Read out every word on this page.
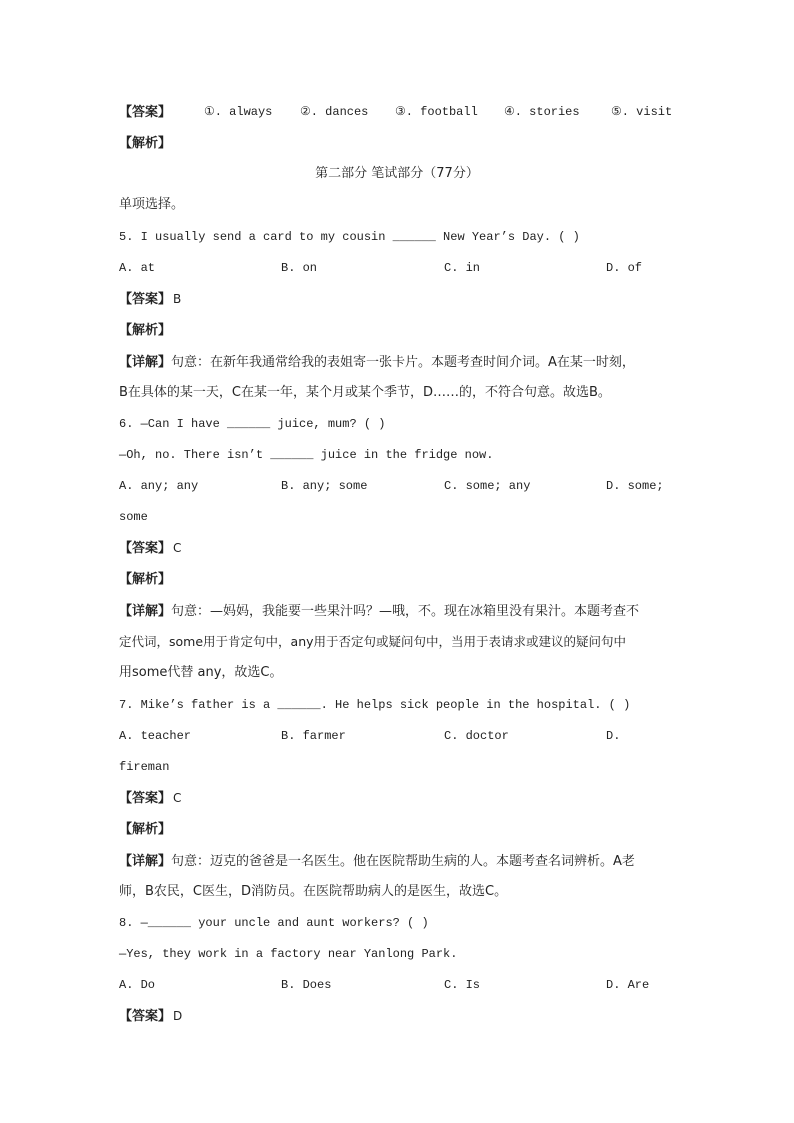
【答案】	①. always ②. dances ③. football ④. stories	⑤. visit
【解析】
第二部分 笔试部分（77分）
单项选择。
5. I usually send a card to my cousin ______ New Year’s Day. ( )
A. at	B. on	C. in	D. of
【答案】 B
【解析】
【详解】句意：在新年我通常给我的表姐寄一张卡片。本题考查时间介词。A在某一时刻，
B在具体的某一天，C在某一年，某个月或某个季节，D……的，不符合句意。故选B。
6. —Can I have ______ juice, mum? ( )
—Oh, no. There isn’t ______ juice in the fridge now.
A. any; any	B. any; some	C. some; any	D. some;
some
【答案】 C
【解析】
【详解】句意：—妈妈，我能要一些果汁吗？—哦，不。现在冰箱里没有果汁。本题考查不
定代词，some用于肯定句中，any用于否定句或疑问句中，当用于表请求或建议的疑问句中
用some代替 any，故选C。
7. Mike’s father is a ______. He helps sick people in the hospital. ( )
A. teacher	B. farmer	C. doctor	D.
fireman
【答案】 C
【解析】
【详解】句意：迈克的爸爸是一名医生。他在医院帮助生病的人。本题考查名词辨析。A老
师，B农民，C医生，D消防员。在医院帮助病人的是医生，故选C。
8. —______ your uncle and aunt workers? ( )
—Yes, they work in a factory near Yanlong Park.
A. Do	B. Does	C. Is	D. Are
【答案】 D
